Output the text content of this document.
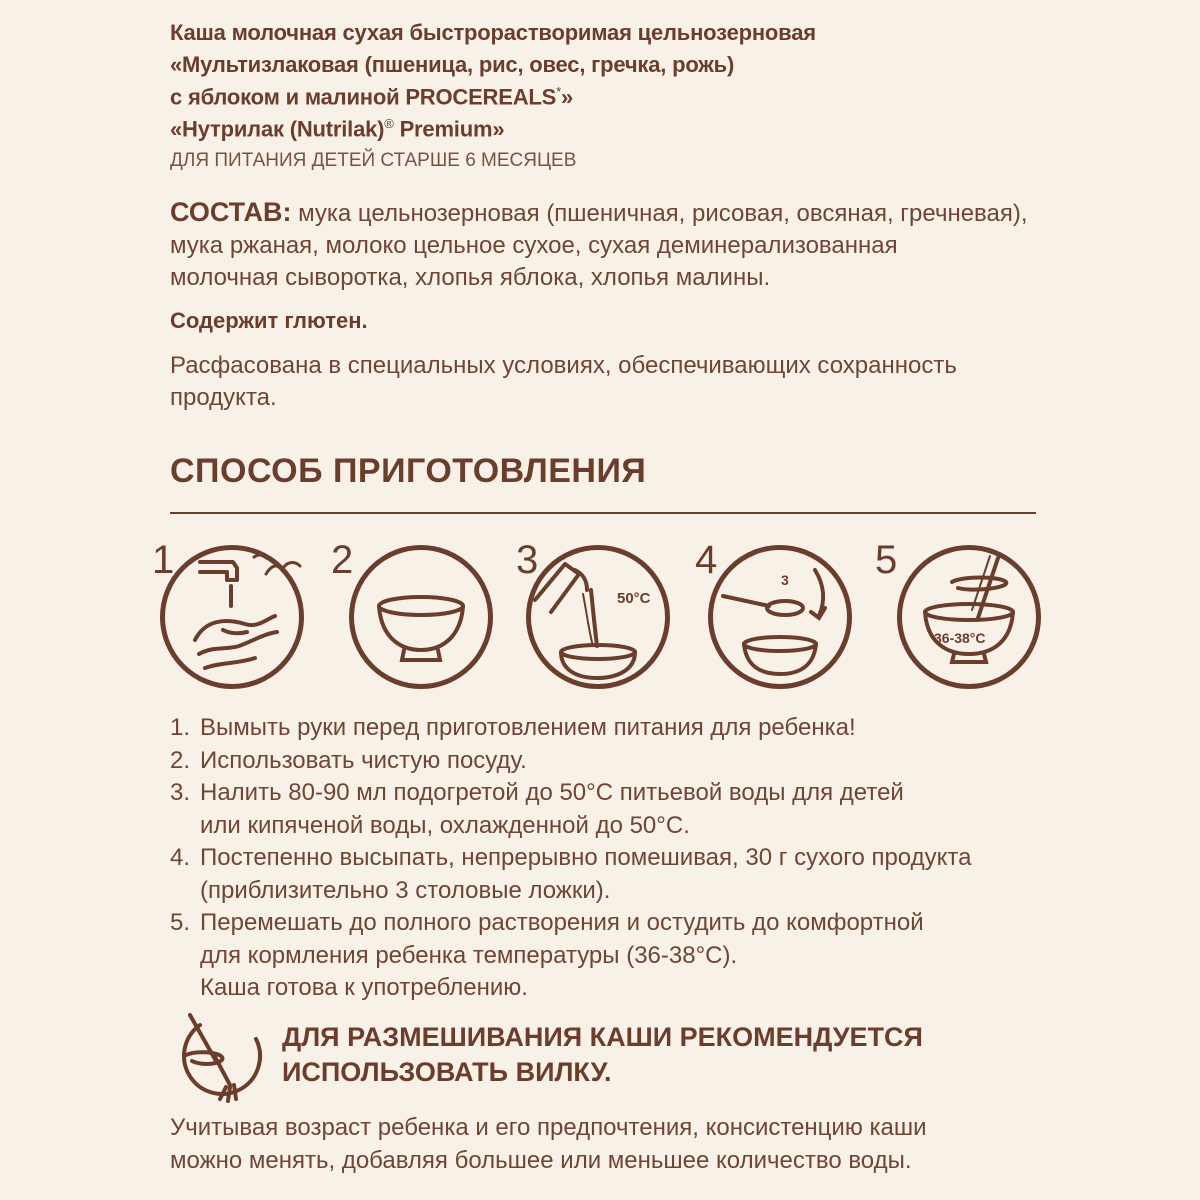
Каша молочная сухая быстрорастворимая цельнозерновая
«Мультизлаковая (пшеница, рис, овес, гречка, рожь)
с яблоком и малиной PROCEREALS*»
«Нутрилак (Nutrilak)® Premium»
ДЛЯ ПИТАНИЯ ДЕТЕЙ СТАРШЕ 6 МЕСЯЦЕВ
СОСТАВ: мука цельнозерновая (пшеничная, рисовая, овсяная, гречневая),
мука ржаная, молоко цельное сухое, сухая деминерализованная
молочная сыворотка, хлопья яблока, хлопья малины.
Содержит глютен.
Расфасована в специальных условиях, обеспечивающих сохранность
продукта.
СПОСОБ ПРИГОТОВЛЕНИЯ
1	2	3
50°C
4	3 5
36-38°C
1. Вымыть руки перед приготовлением питания для ребенка!
2. Использовать чистую посуду.
3. Налить 80-90 мл подогретой до 50°C питьевой воды для детей
или кипяченой воды, охлажденной до 50°C.
4. Постепенно высыпать, непрерывно помешивая, 30 г сухого продукта
(приблизительно 3 столовые ложки).
5. Перемешать до полного растворения и остудить до комфортной
для кормления ребенка температуры (36-38°C).
Каша готова к употреблению.
ДЛЯ РАЗМЕШИВАНИЯ КАШИ РЕКОМЕНДУЕТСЯ
ИСПОЛЬЗОВАТЬ ВИЛКУ.
Учитывая возраст ребенка и его предпочтения, консистенцию каши
можно менять, добавляя большее или меньшее количество воды.
